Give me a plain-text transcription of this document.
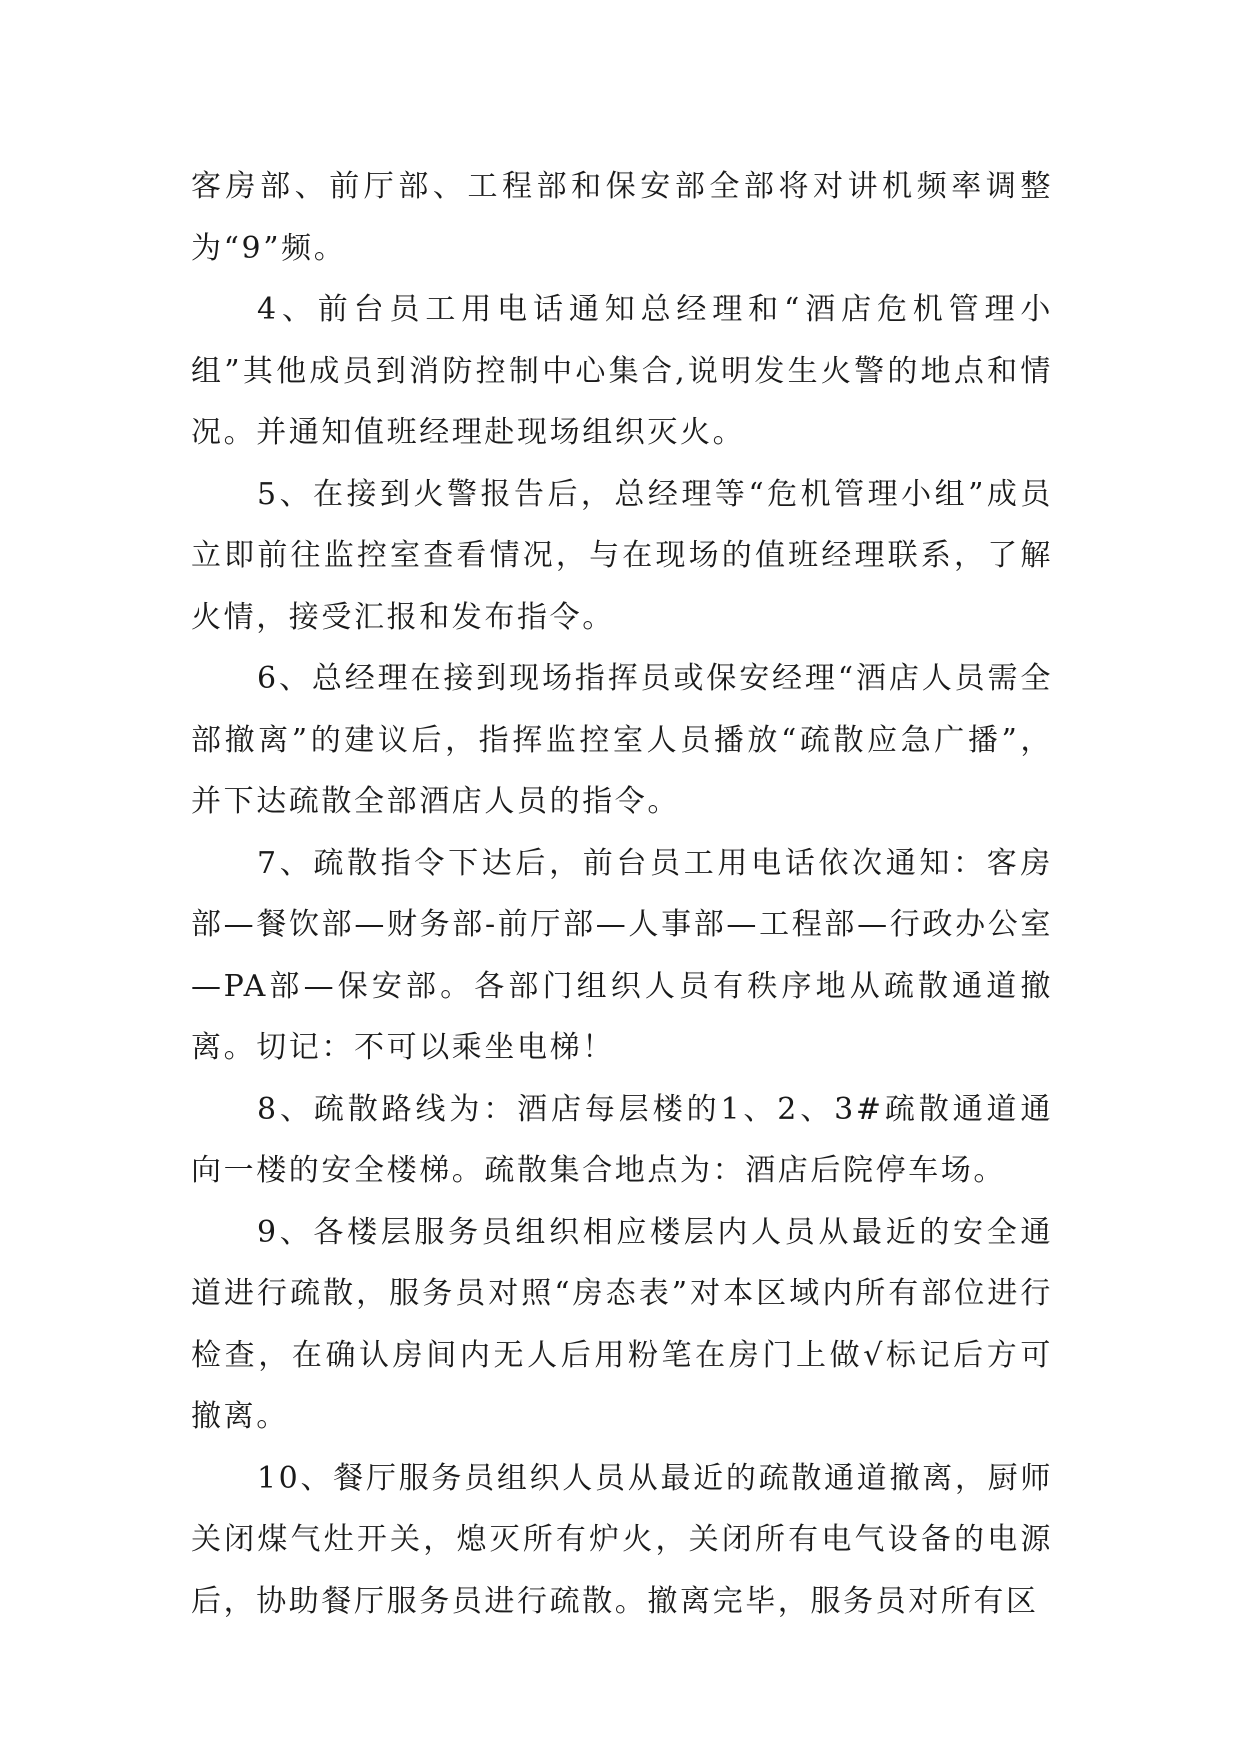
客房部、前厅部、工程部和保安部全部将对讲机频率调整为“9”频。

4、前台员工用电话通知总经理和“酒店危机管理小组”其他成员到消防控制中心集合,说明发生火警的地点和情况。并通知值班经理赴现场组织灭火。

5、在接到火警报告后，总经理等“危机管理小组”成员立即前往监控室查看情况，与在现场的值班经理联系，了解火情，接受汇报和发布指令。

6、总经理在接到现场指挥员或保安经理“酒店人员需全部撤离”的建议后，指挥监控室人员播放“疏散应急广播”，并下达疏散全部酒店人员的指令。

7、疏散指令下达后，前台员工用电话依次通知：客房部—餐饮部—财务部-前厅部—人事部—工程部—行政办公室—PA部—保安部。各部门组织人员有秩序地从疏散通道撤离。切记：不可以乘坐电梯！

8、疏散路线为：酒店每层楼的1、2、3#疏散通道通向一楼的安全楼梯。疏散集合地点为：酒店后院停车场。

9、各楼层服务员组织相应楼层内人员从最近的安全通道进行疏散，服务员对照“房态表”对本区域内所有部位进行检查，在确认房间内无人后用粉笔在房门上做√标记后方可撤离。

10、餐厅服务员组织人员从最近的疏散通道撤离，厨师关闭煤气灶开关，熄灭所有炉火，关闭所有电气设备的电源后，协助餐厅服务员进行疏散。撤离完毕，服务员对所有区
